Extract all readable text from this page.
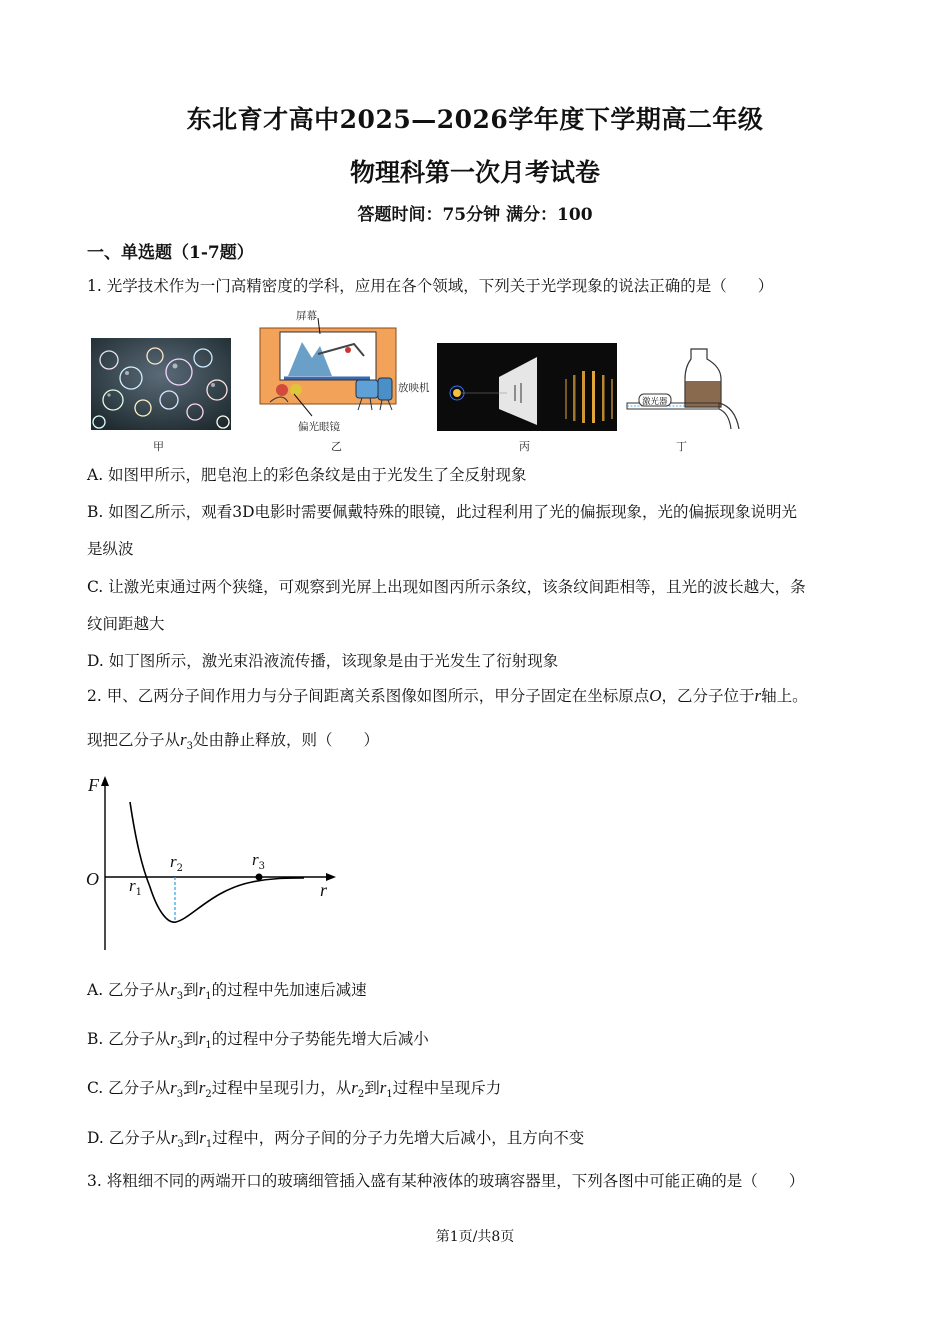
东北育才高中2025—2026学年度下学期高二年级
物理科第一次月考试卷
答题时间：75分钟 满分：100
一、单选题（1-7题）
1. 光学技术作为一门高精密度的学科，应用在各个领域，下列关于光学现象的说法正确的是（　　）
甲
屏幕
放映机
偏光眼镜
乙	丙
激光器
丁
A. 如图甲所示，肥皂泡上的彩色条纹是由于光发生了全反射现象
B. 如图乙所示，观看3D电影时需要佩戴特殊的眼镜，此过程利用了光的偏振现象，光的偏振现象说明光
是纵波
C. 让激光束通过两个狭缝，可观察到光屏上出现如图丙所示条纹，该条纹间距相等，且光的波长越大，条
纹间距越大
D. 如丁图所示，激光束沿液流传播，该现象是由于光发生了衍射现象
2. 甲、乙两分子间作用力与分子间距离关系图像如图所示，甲分子固定在坐标原点O，乙分子位于r轴上。
现把乙分子从$r_3$处由静止释放，则（　　）
F
O
r
$r_1$
$r_2$	$r_3$
A. 乙分子从$r_3$到$r_1$的过程中先加速后减速
B. 乙分子从$r_3$到$r_1$的过程中分子势能先增大后减小
C. 乙分子从$r_3$到$r_2$过程中呈现引力，从$r_2$到$r_1$过程中呈现斥力
D. 乙分子从$r_3$到$r_1$过程中，两分子间的分子力先增大后减小，且方向不变
3. 将粗细不同的两端开口的玻璃细管插入盛有某种液体的玻璃容器里，下列各图中可能正确的是（　　）
第1页/共8页
